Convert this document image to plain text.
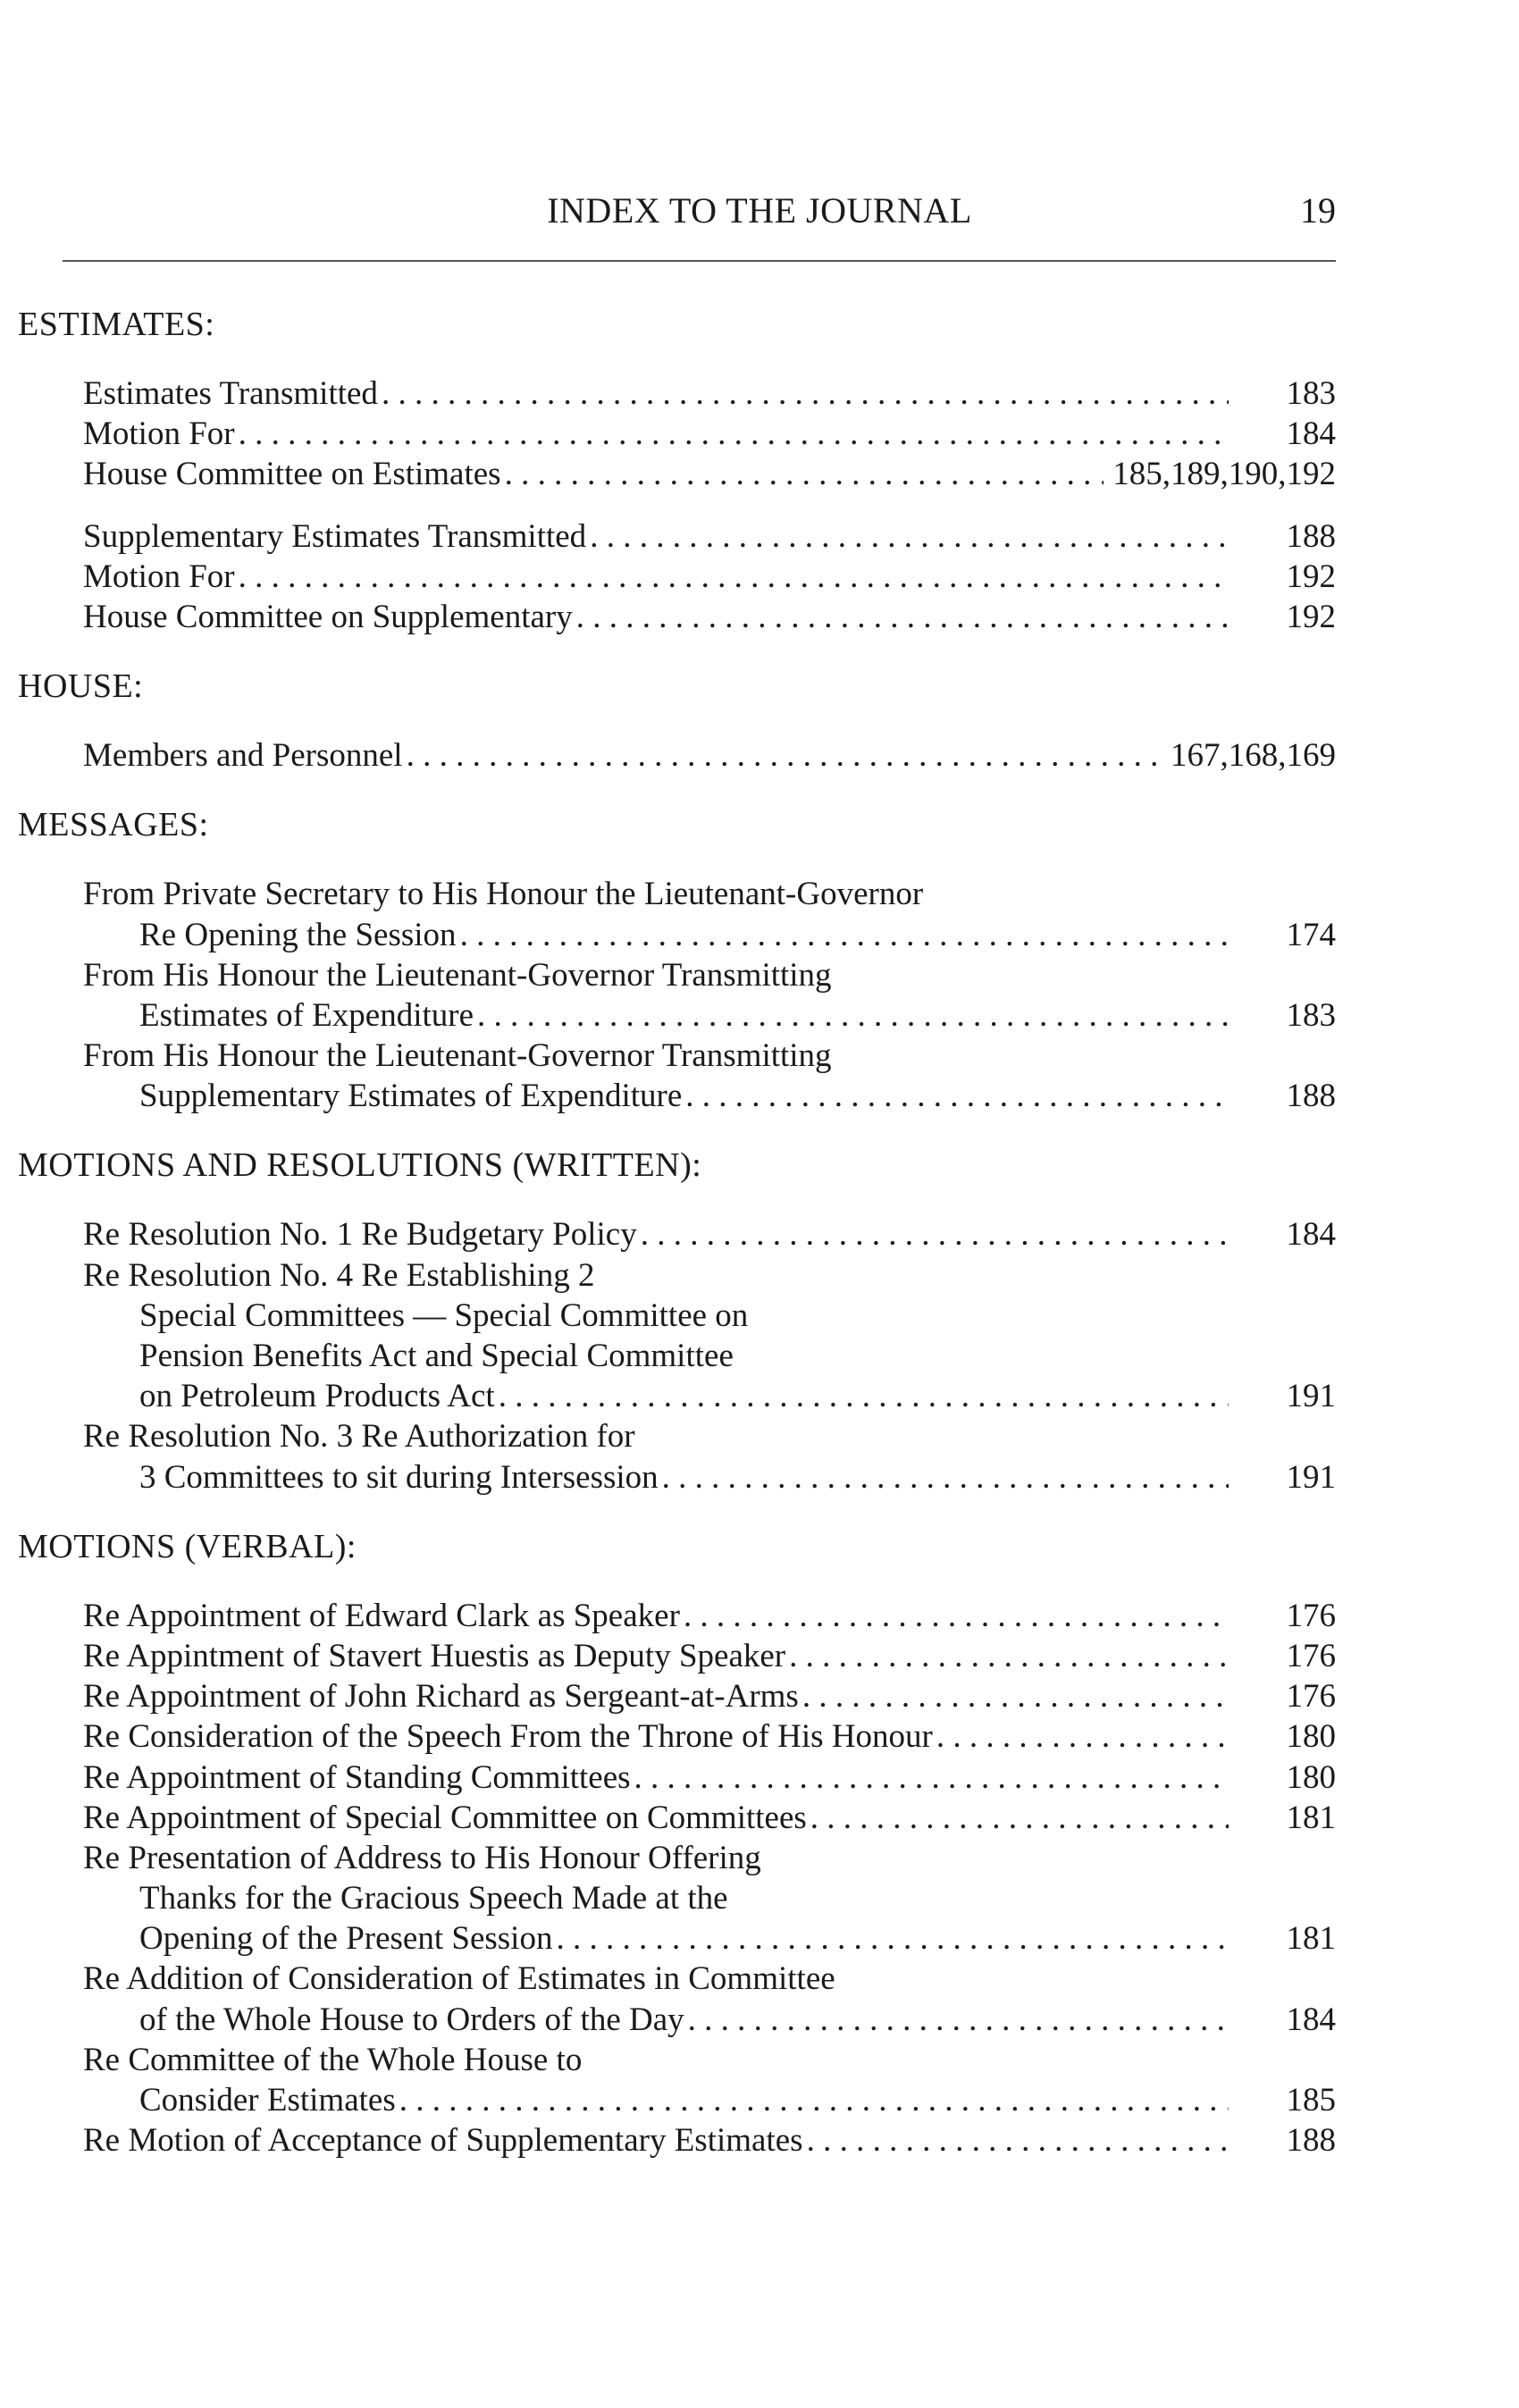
INDEX TO THE JOURNAL	19
ESTIMATES:
Estimates Transmitted . . .	183
Motion For . . .	184
House Committee on Estimates . . .	185,189,190,192
Supplementary Estimates Transmitted . . .	188
Motion For . . .	192
House Committee on Supplementary . . .	192
HOUSE:
Members and Personnel . . .	167,168,169
MESSAGES:
From Private Secretary to His Honour the Lieutenant-Governor
Re Opening the Session . . .	174
From His Honour the Lieutenant-Governor Transmitting
Estimates of Expenditure . . .	183
From His Honour the Lieutenant-Governor Transmitting
Supplementary Estimates of Expenditure . . .	188
MOTIONS AND RESOLUTIONS (WRITTEN):
Re Resolution No. 1 Re Budgetary Policy . . .	184
Re Resolution No. 4 Re Establishing 2
Special Committees — Special Committee on
Pension Benefits Act and Special Committee
on Petroleum Products Act . . .	191
Re Resolution No. 3 Re Authorization for
3 Committees to sit during Intersession . . .	191
MOTIONS (VERBAL):
Re Appointment of Edward Clark as Speaker . . .	176
Re Appintment of Stavert Huestis as Deputy Speaker . . .	176
Re Appointment of John Richard as Sergeant-at-Arms . . .	176
Re Consideration of the Speech From the Throne of His Honour . . .	180
Re Appointment of Standing Committees . . .	180
Re Appointment of Special Committee on Committees . . .	181
Re Presentation of Address to His Honour Offering
Thanks for the Gracious Speech Made at the
Opening of the Present Session . . .	181
Re Addition of Consideration of Estimates in Committee
of the Whole House to Orders of the Day . . .	184
Re Committee of the Whole House to
Consider Estimates . . .	185
Re Motion of Acceptance of Supplementary Estimates . . .	188
